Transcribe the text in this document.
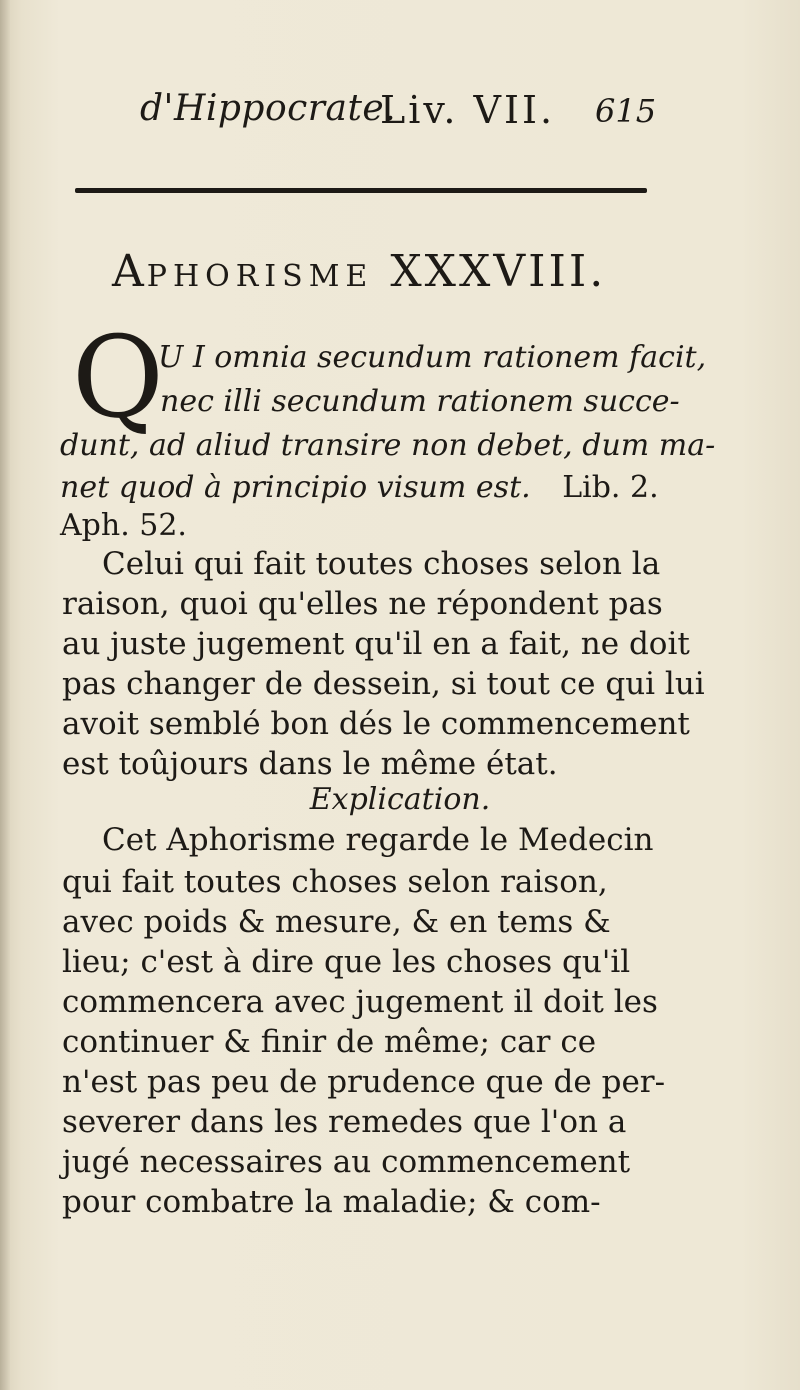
d'Hippocrate.
Liv. VII. 615
APHORISME XXXVIII.
Q
U I omnia secundum rationem facit,
nec illi secundum rationem succe-
dunt, ad aliud transire non debet, dum ma-
net quod à principio visum est. Lib. 2.
Aph. 52.
Celui qui fait toutes choses selon la
raison, quoi qu'elles ne répondent pas
au juste jugement qu'il en a fait, ne doit
pas changer de dessein, si tout ce qui lui
avoit semblé bon dés le commencement
est toûjours dans le même état.
Explication.
Cet Aphorisme regarde le Medecin
qui fait toutes choses selon raison,
avec poids & mesure, & en tems &
lieu; c'est à dire que les choses qu'il
commencera avec jugement il doit les
continuer & finir de même; car ce
n'est pas peu de prudence que de per-
severer dans les remedes que l'on a
jugé necessaires au commencement
pour combatre la maladie; & com-
